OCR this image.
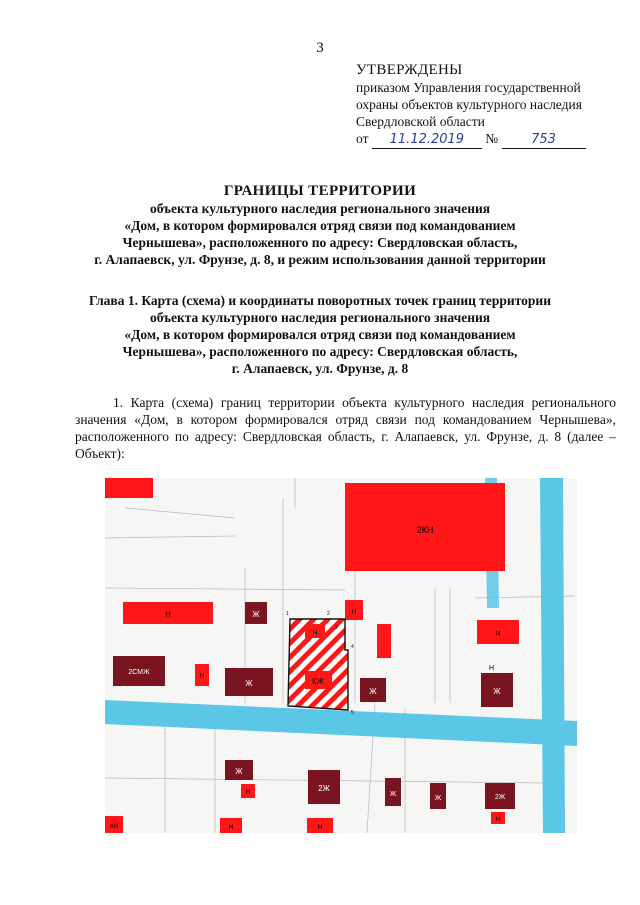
3
УТВЕРЖДЕНЫ
приказом Управления государственной
охраны объектов культурного наследия
Свердловской области
от 11.12.2019 №	753
ГРАНИЦЫ ТЕРРИТОРИИ
объекта культурного наследия регионального значения
«Дом, в котором формировался отряд связи под командованием
Чернышева», расположенного по адресу: Свердловская область,
г. Алапаевск, ул. Фрунзе, д. 8, и режим использования данной территории
Глава 1. Карта (схема) и координаты поворотных точек границ территории
объекта культурного наследия регионального значения
«Дом, в котором формировался отряд связи под командованием
Чернышева», расположенного по адресу: Свердловская область,
г. Алапаевск, ул. Фрунзе, д. 8
1. Карта (схема) границ территории объекта культурного наследия регионального значения «Дом, в котором формировался отряд связи под командованием Чернышева», расположенного по адресу: Свердловская область, г. Алапаевск, ул. Фрунзе, д. 8 (далее – Объект):
2КН
Н	Ж	Н
Н
2СМЖ
Н
Ж
Н
КЖ
1	2
3
4
5
Ж	Ж
Н
Ж
Н	2Ж
Ж
Ж	2Ж
Н
КН	Н	Н
